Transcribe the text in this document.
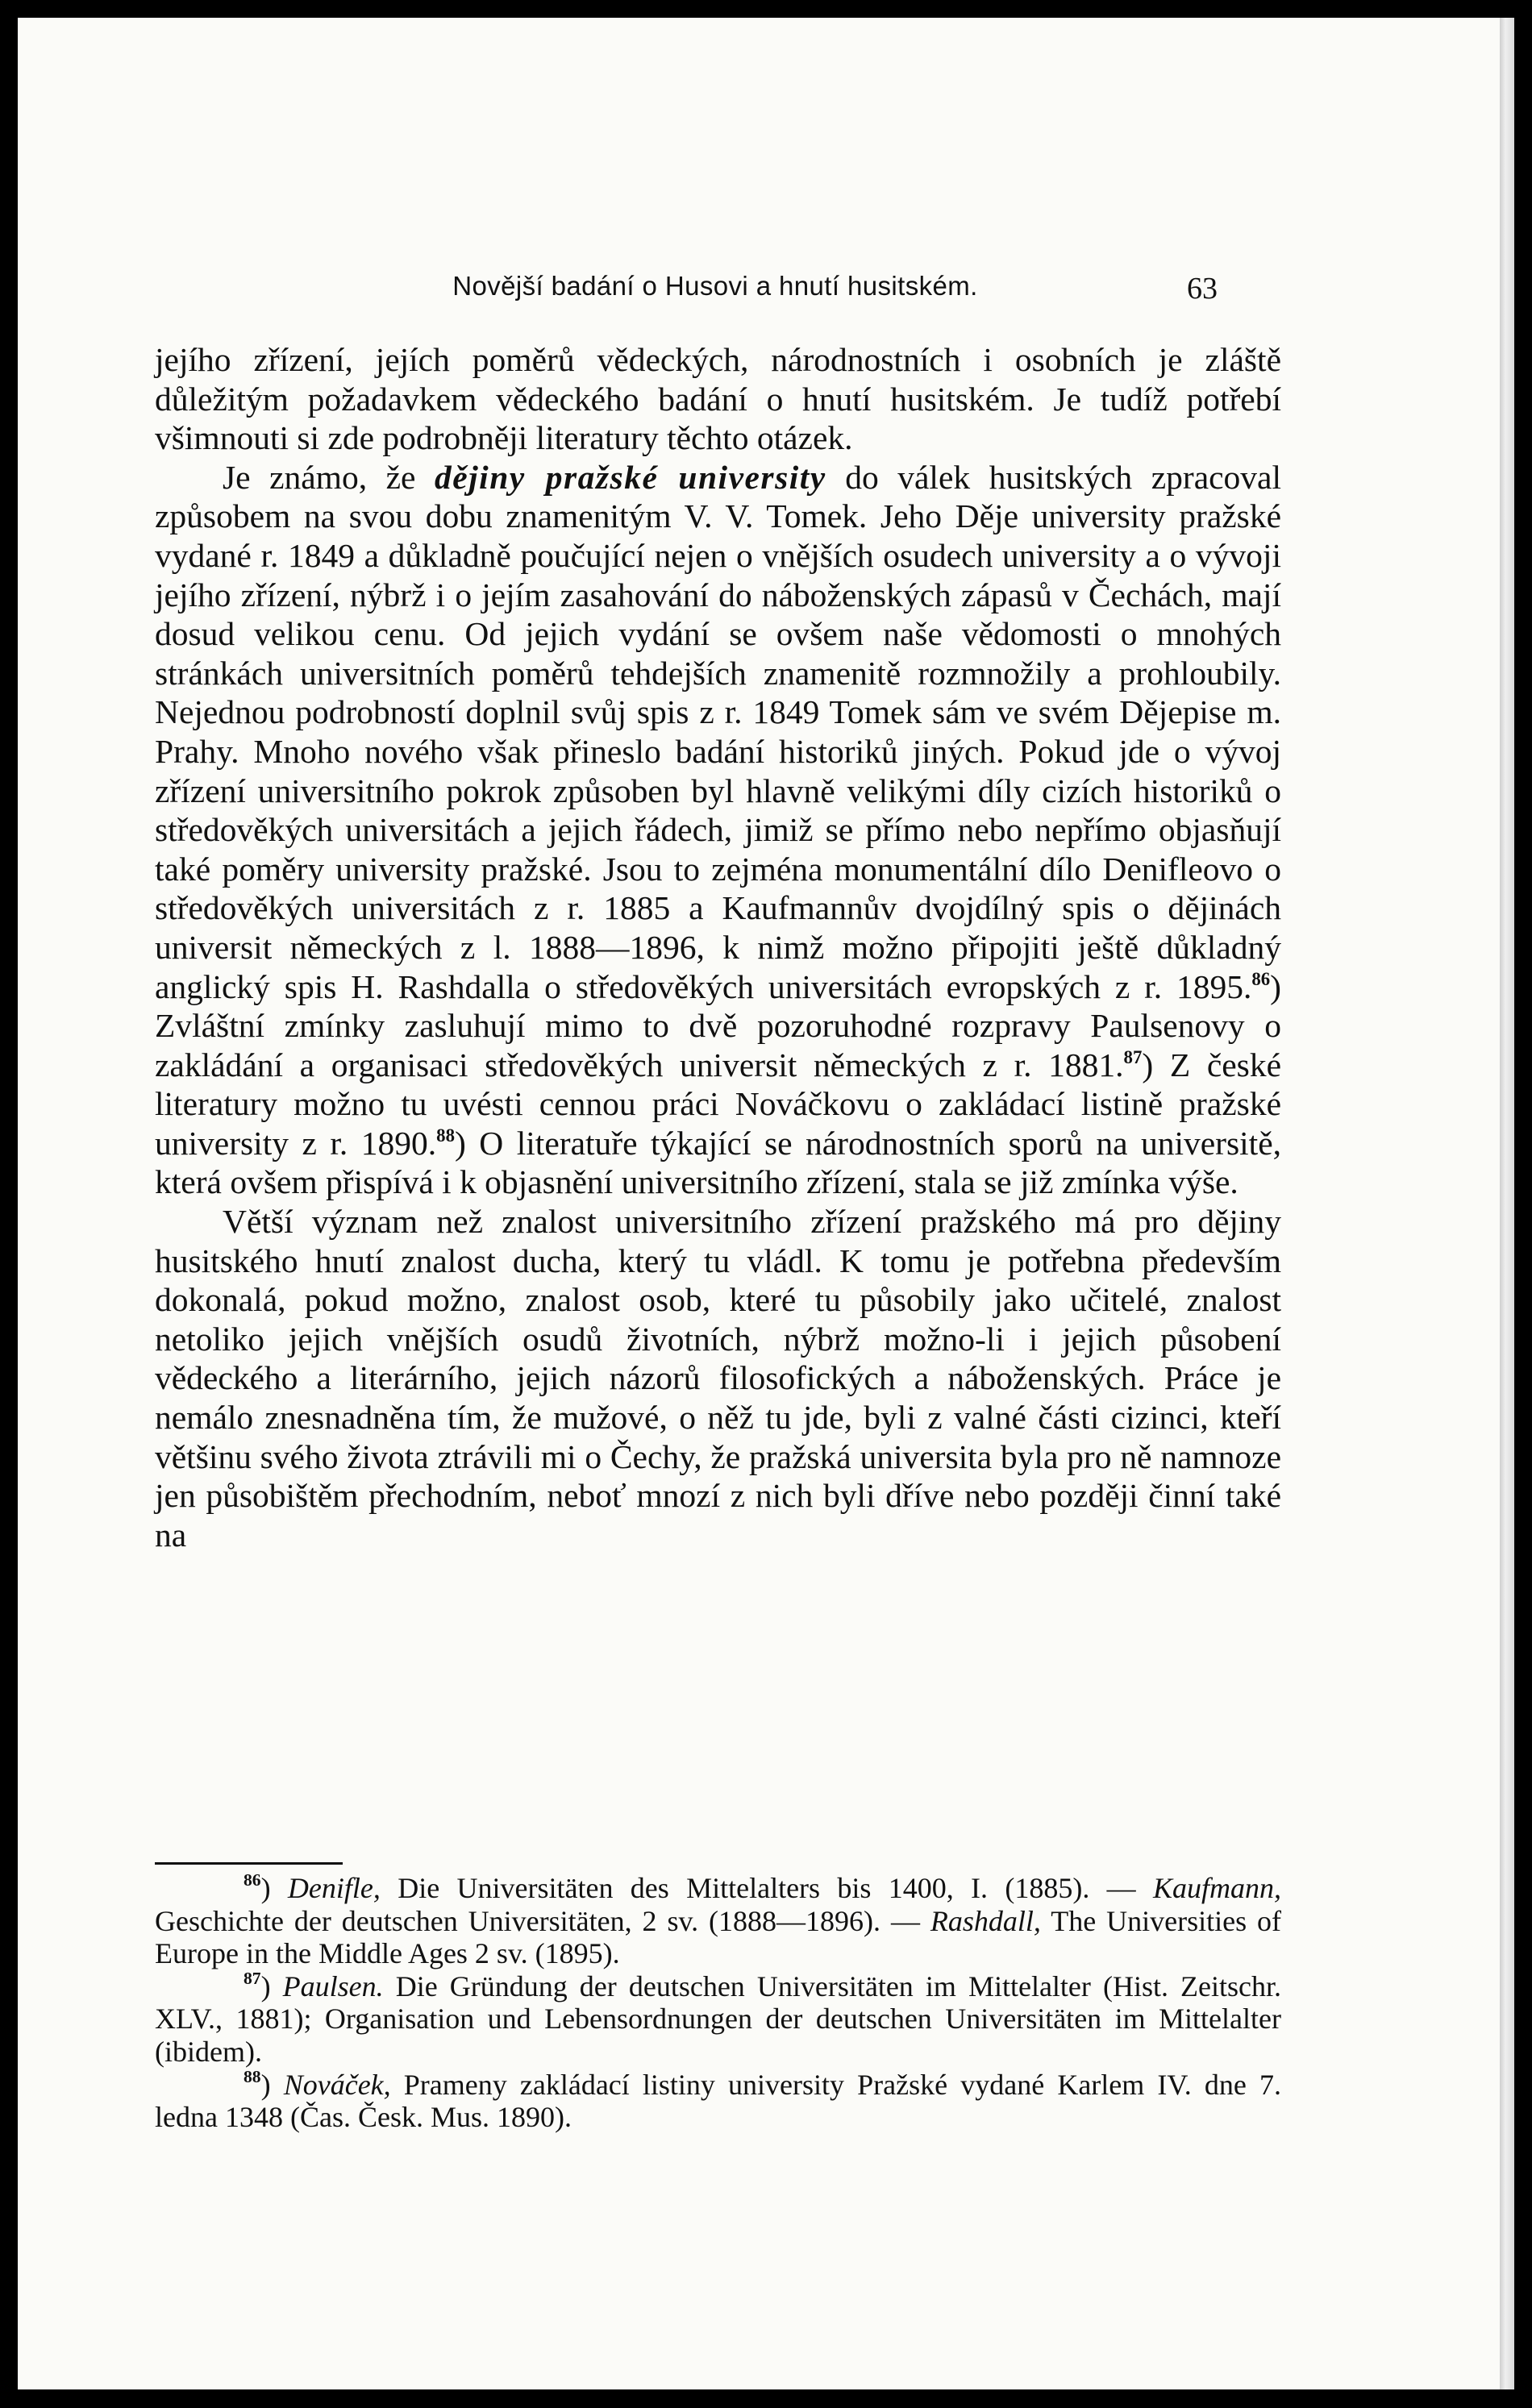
Novější badání o Husovi a hnutí husitském.	63

jejího zřízení, jejích poměrů vědeckých, národnostních i osobních je zláště důležitým požadavkem vědeckého badání o hnutí husitském. Je tudíž potřebí všimnouti si zde podrobněji literatury těchto otázek.

Je známo, že dějiny pražské university do válek husitských zpracoval způsobem na svou dobu znamenitým V. V. Tomek. Jeho Děje university pražské vydané r. 1849 a důkladně poučující nejen o vnějších osudech university a o vývoji jejího zřízení, nýbrž i o jejím zasahování do náboženských zápasů v Čechách, mají dosud velikou cenu. Od jejich vydání se ovšem naše vědomosti o mnohých stránkách universitních poměrů tehdejších znamenitě rozmnožily a prohloubily. Nejednou podrobností doplnil svůj spis z r. 1849 Tomek sám ve svém Dějepise m. Prahy. Mnoho nového však přineslo badání historiků jiných. Pokud jde o vývoj zřízení universitního pokrok způsoben byl hlavně velikými díly cizích historiků o středověkých universitách a jejich řádech, jimiž se přímo nebo nepřímo objasňují také poměry university pražské. Jsou to zejména monumentální dílo Denifleovo o středověkých universitách z r. 1885 a Kaufmannův dvojdílný spis o dějinách universit německých z l. 1888—1896, k nimž možno připojiti ještě důkladný anglický spis H. Rashdalla o středověkých universitách evropských z r. 1895.86) Zvláštní zmínky zasluhují mimo to dvě pozoruhodné rozpravy Paulsenovy o zakládání a organisaci středověkých universit německých z r. 1881.87) Z české literatury možno tu uvésti cennou práci Nováčkovu o zakládací listině pražské university z r. 1890.88) O literatuře týkající se národnostních sporů na universitě, která ovšem přispívá i k objasnění universitního zřízení, stala se již zmínka výše.

Větší význam než znalost universitního zřízení pražského má pro dějiny husitského hnutí znalost ducha, který tu vládl. K tomu je potřebna především dokonalá, pokud možno, znalost osob, které tu působily jako učitelé, znalost netoliko jejich vnějších osudů životních, nýbrž možno-li i jejich působení vědeckého a literárního, jejich názorů filosofických a náboženských. Práce je nemálo znesnadněna tím, že mužové, o něž tu jde, byli z valné části cizinci, kteří většinu svého života ztrávili mi o Čechy, že pražská universita byla pro ně namnoze jen působištěm přechodním, neboť mnozí z nich byli dříve nebo později činní také na

$^{86}$) Denifle, Die Universitäten des Mittelalters bis 1400, I. (1885). — Kaufmann, Geschichte der deutschen Universitäten, 2 sv. (1888—1896). — Rashdall, The Universities of Europe in the Middle Ages 2 sv. (1895).

$^{87}$) Paulsen. Die Gründung der deutschen Universitäten im Mittelalter (Hist. Zeitschr. XLV., 1881); Organisation und Lebensordnungen der deutschen Universitäten im Mittelalter (ibidem).

$^{88}$) Nováček, Prameny zakládací listiny university Pražské vydané Karlem IV. dne 7. ledna 1348 (Čas. Česk. Mus. 1890).
